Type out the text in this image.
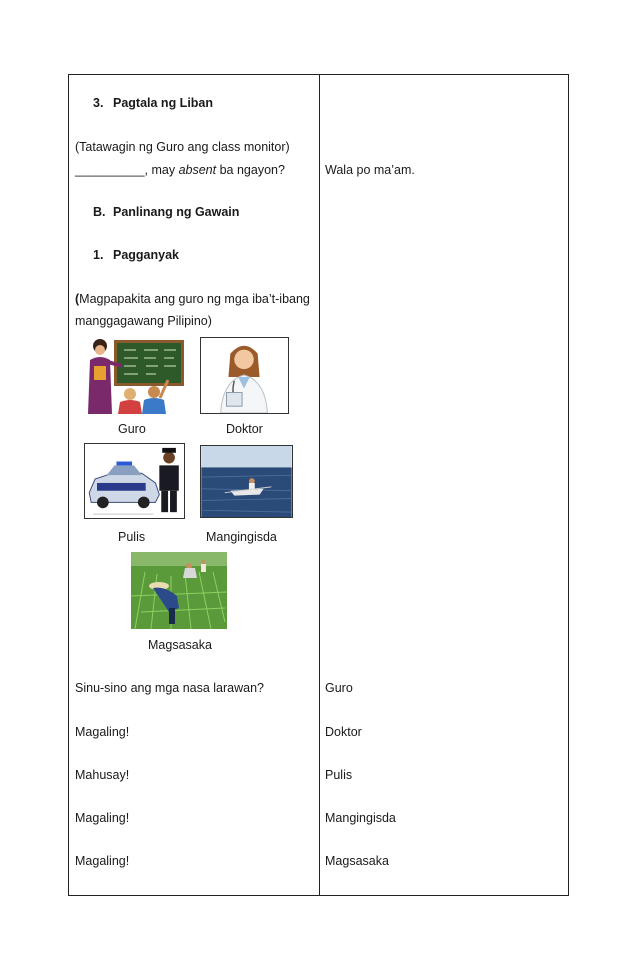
3. Pagtala ng Liban
(Tatawagin ng Guro ang class monitor)
__________, may absent ba ngayon?
B. Panlinang ng Gawain
1. Pagganyak
(Magpapakita ang guro ng mga iba’t-ibang
manggagawang Pilipino)
Guro	Doktor
Pulis	Mangingisda
Magsasaka
Sinu-sino ang mga nasa larawan?
Magaling!
Mahusay!
Magaling!
Magaling!
Wala po ma’am.
Guro
Doktor
Pulis
Mangingisda
Magsasaka
